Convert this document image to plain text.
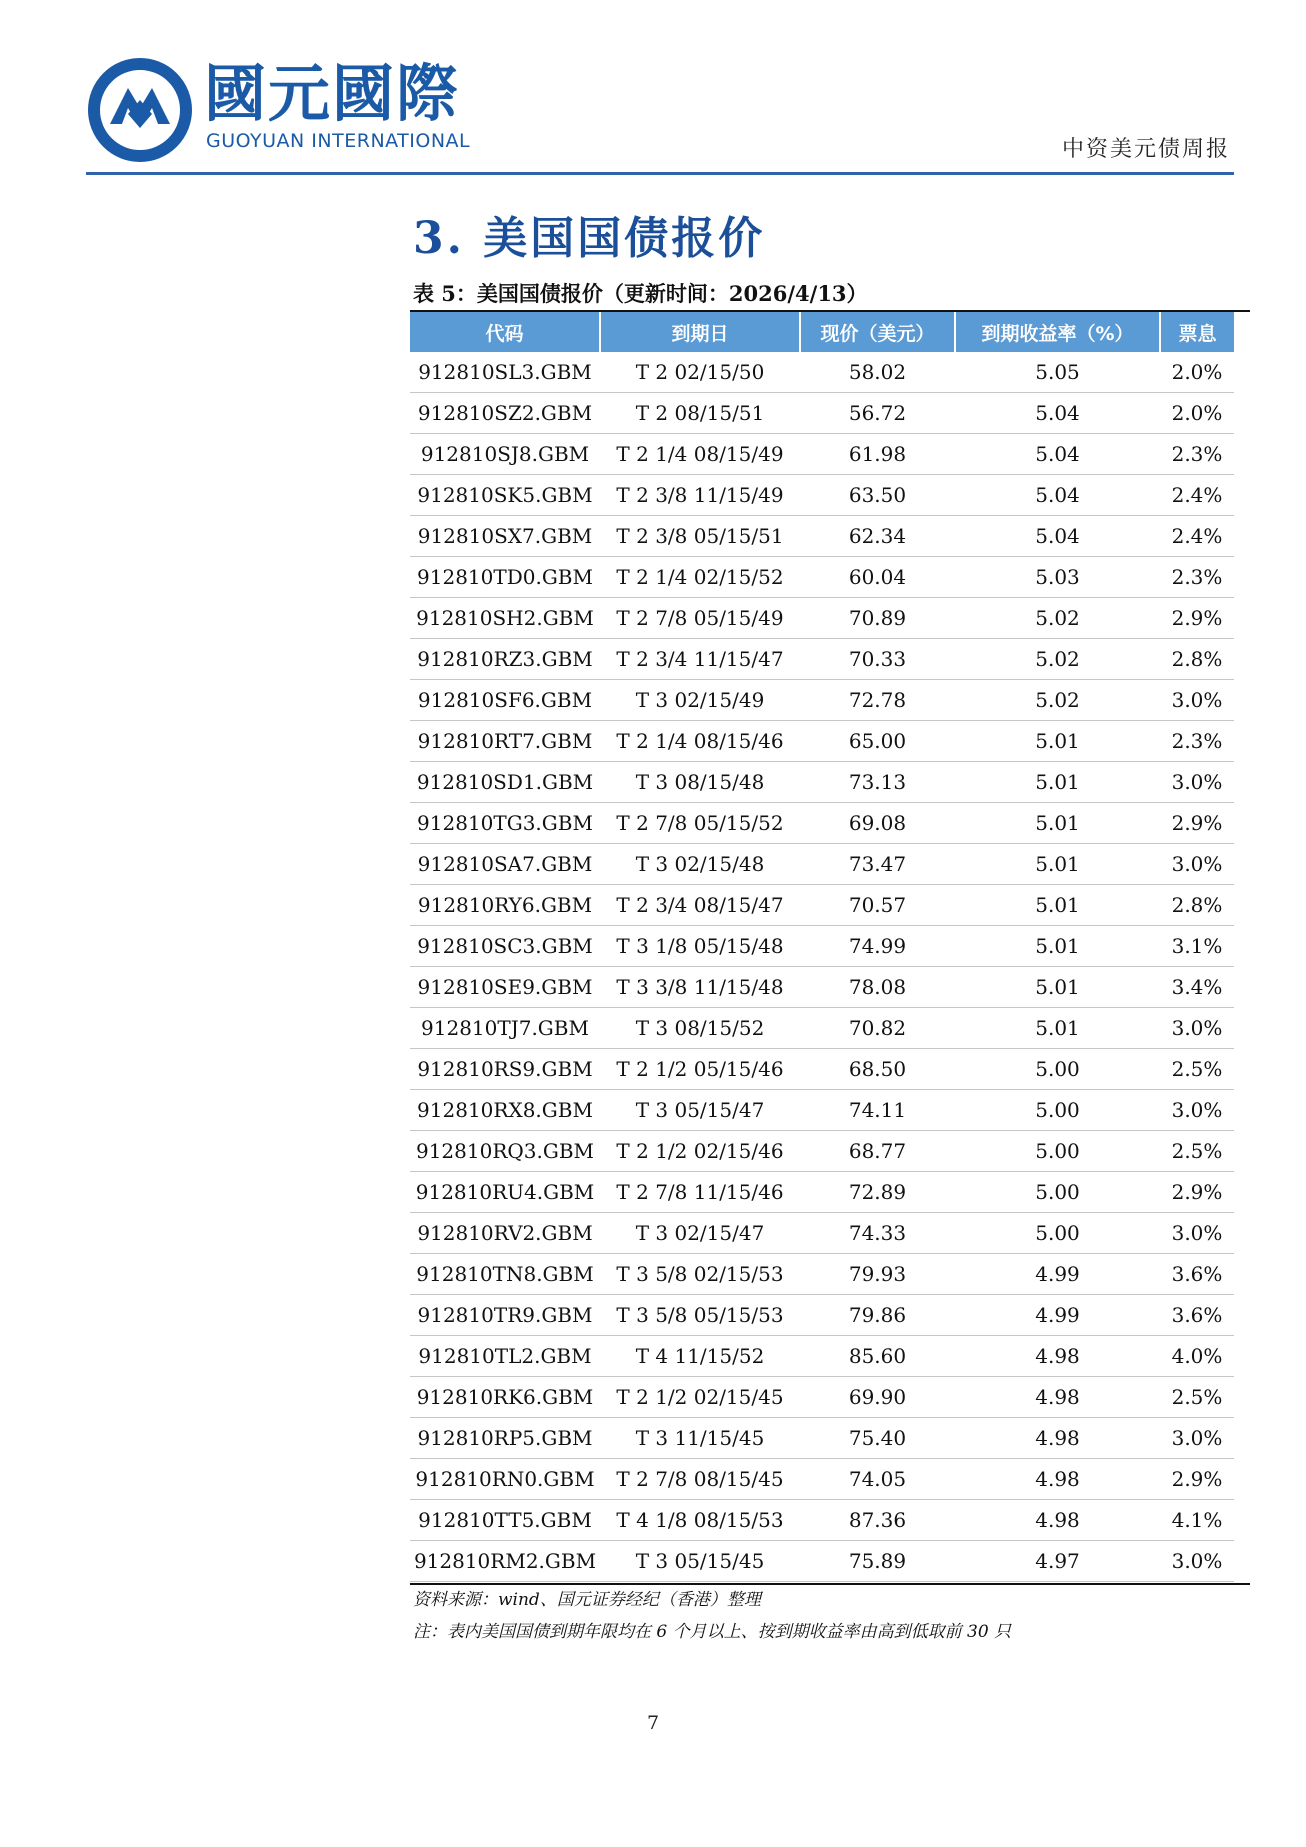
國元國際
GUOYUAN INTERNATIONAL	中资美元债周报
3. 美国国债报价
表 5：美国国债报价（更新时间：2026/4/13）
代码	到期日	现价（美元）	到期收益率（%）	票息
912810SL3.GBM	T 2 02/15/50	58.02	5.05	2.0%
912810SZ2.GBM	T 2 08/15/51	56.72	5.04	2.0%
912810SJ8.GBM	T 2 1/4 08/15/49	61.98	5.04	2.3%
912810SK5.GBM	T 2 3/8 11/15/49	63.50	5.04	2.4%
912810SX7.GBM	T 2 3/8 05/15/51	62.34	5.04	2.4%
912810TD0.GBM	T 2 1/4 02/15/52	60.04	5.03	2.3%
912810SH2.GBM	T 2 7/8 05/15/49	70.89	5.02	2.9%
912810RZ3.GBM	T 2 3/4 11/15/47	70.33	5.02	2.8%
912810SF6.GBM	T 3 02/15/49	72.78	5.02	3.0%
912810RT7.GBM	T 2 1/4 08/15/46	65.00	5.01	2.3%
912810SD1.GBM	T 3 08/15/48	73.13	5.01	3.0%
912810TG3.GBM	T 2 7/8 05/15/52	69.08	5.01	2.9%
912810SA7.GBM	T 3 02/15/48	73.47	5.01	3.0%
912810RY6.GBM	T 2 3/4 08/15/47	70.57	5.01	2.8%
912810SC3.GBM	T 3 1/8 05/15/48	74.99	5.01	3.1%
912810SE9.GBM	T 3 3/8 11/15/48	78.08	5.01	3.4%
912810TJ7.GBM	T 3 08/15/52	70.82	5.01	3.0%
912810RS9.GBM	T 2 1/2 05/15/46	68.50	5.00	2.5%
912810RX8.GBM	T 3 05/15/47	74.11	5.00	3.0%
912810RQ3.GBM	T 2 1/2 02/15/46	68.77	5.00	2.5%
912810RU4.GBM	T 2 7/8 11/15/46	72.89	5.00	2.9%
912810RV2.GBM	T 3 02/15/47	74.33	5.00	3.0%
912810TN8.GBM	T 3 5/8 02/15/53	79.93	4.99	3.6%
912810TR9.GBM	T 3 5/8 05/15/53	79.86	4.99	3.6%
912810TL2.GBM	T 4 11/15/52	85.60	4.98	4.0%
912810RK6.GBM	T 2 1/2 02/15/45	69.90	4.98	2.5%
912810RP5.GBM	T 3 11/15/45	75.40	4.98	3.0%
912810RN0.GBM	T 2 7/8 08/15/45	74.05	4.98	2.9%
912810TT5.GBM	T 4 1/8 08/15/53	87.36	4.98	4.1%
912810RM2.GBM	T 3 05/15/45	75.89	4.97	3.0%
资料来源：wind、国元证券经纪（香港）整理
注：表内美国国债到期年限均在 6 个月以上、按到期收益率由高到低取前 30 只
7
